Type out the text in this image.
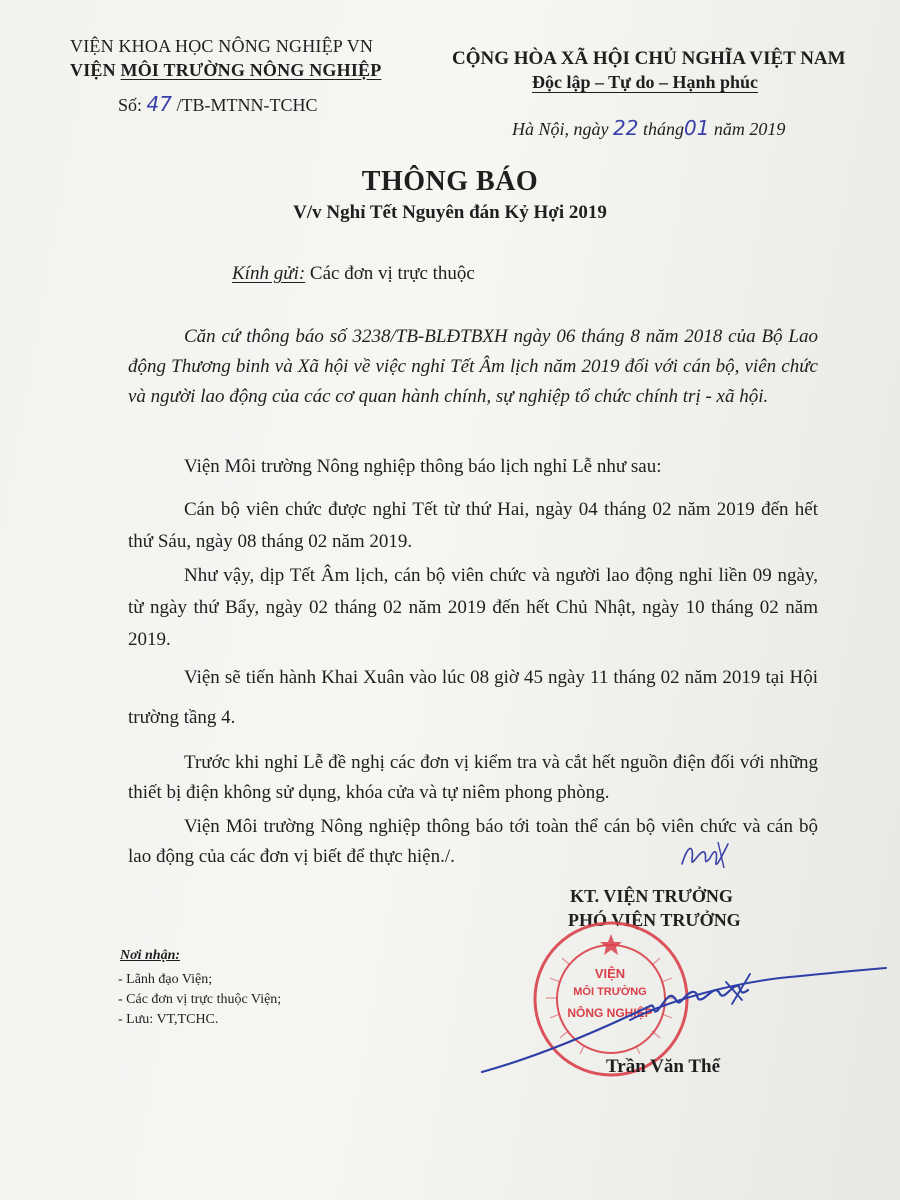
VIỆN KHOA HỌC NÔNG NGHIỆP VN
VIỆN MÔI TRƯỜNG NÔNG NGHIỆP
Số: 47 /TB-MTNN-TCHC
CỘNG HÒA XÃ HỘI CHỦ NGHĨA VIỆT NAM
Độc lập – Tự do – Hạnh phúc
Hà Nội, ngày 22 tháng01 năm 2019
THÔNG BÁO
V/v Nghỉ Tết Nguyên đán Kỷ Hợi 2019
Kính gửi: Các đơn vị trực thuộc
Căn cứ thông báo số 3238/TB-BLĐTBXH ngày 06 tháng 8 năm 2018 của Bộ Lao động Thương binh và Xã hội về việc nghỉ Tết Âm lịch năm 2019 đối với cán bộ, viên chức và người lao động của các cơ quan hành chính, sự nghiệp tổ chức chính trị - xã hội.
Viện Môi trường Nông nghiệp thông báo lịch nghỉ Lễ như sau:
Cán bộ viên chức được nghỉ Tết từ thứ Hai, ngày 04 tháng 02 năm 2019 đến hết thứ Sáu, ngày 08 tháng 02 năm 2019.
Như vậy, dịp Tết Âm lịch, cán bộ viên chức và người lao động nghỉ liền 09 ngày, từ ngày thứ Bẩy, ngày 02 tháng 02 năm 2019 đến hết Chủ Nhật, ngày 10 tháng 02 năm 2019.
Viện sẽ tiến hành Khai Xuân vào lúc 08 giờ 45 ngày 11 tháng 02 năm 2019 tại Hội trường tầng 4.
Trước khi nghỉ Lễ đề nghị các đơn vị kiểm tra và cắt hết nguồn điện đối với những thiết bị điện không sử dụng, khóa cửa và tự niêm phong phòng.
Viện Môi trường Nông nghiệp thông báo tới toàn thể cán bộ viên chức và cán bộ lao động của các đơn vị biết để thực hiện./.
KT. VIỆN TRƯỞNG
PHÓ VIỆN TRƯỞNG
VIỆN
MÔI TRƯỜNG
NÔNG NGHIỆP
Trần Văn Thể
Nơi nhận:
- Lãnh đạo Viện;
- Các đơn vị trực thuộc Viện;
- Lưu: VT,TCHC.
